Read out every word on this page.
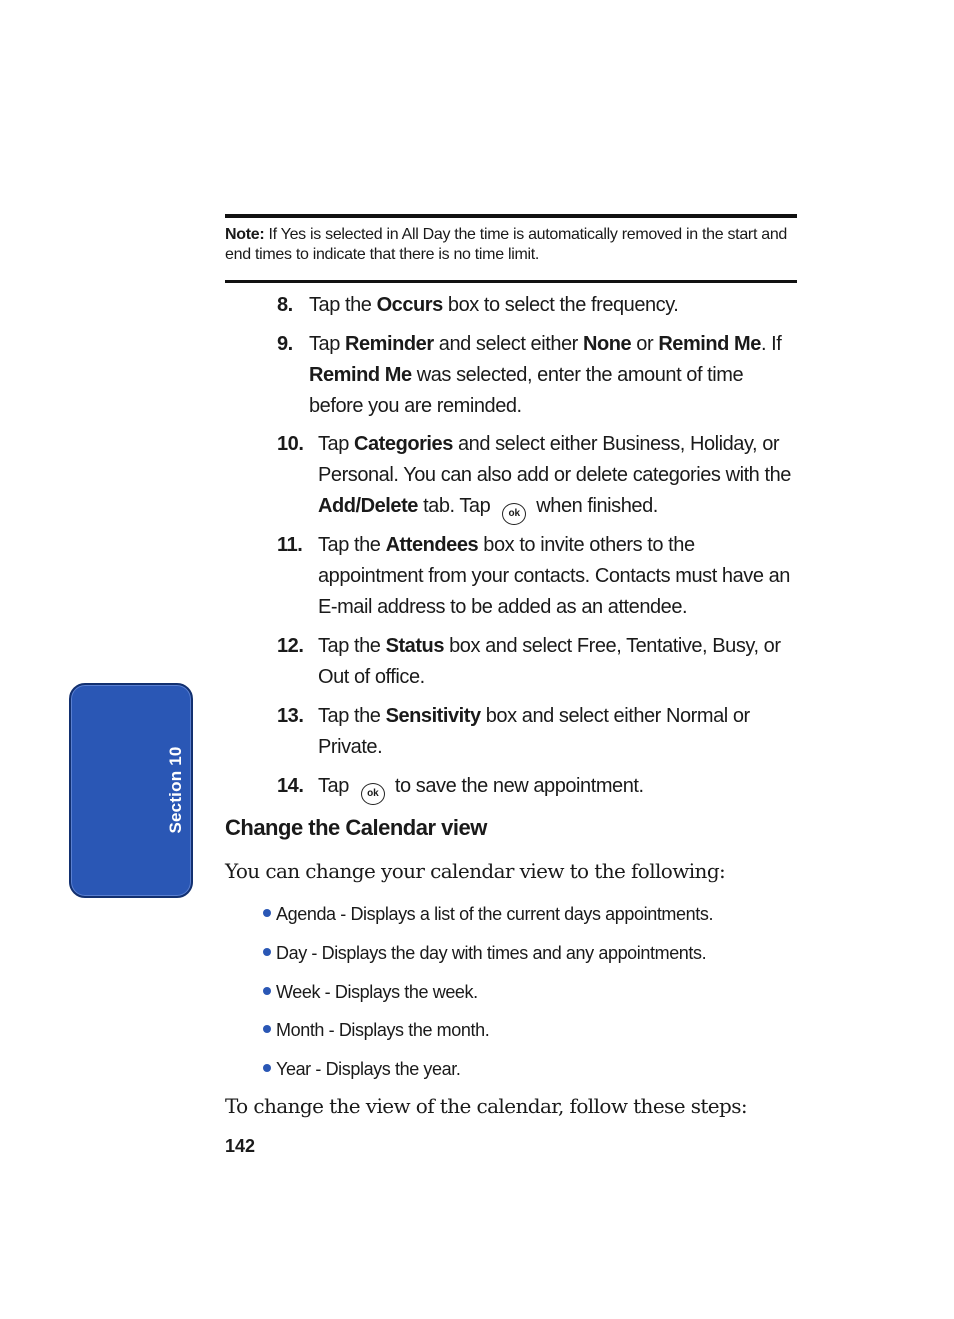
Note: If Yes is selected in All Day the time is automatically removed in the start and end times to indicate that there is no time limit.
8. Tap the Occurs box to select the frequency.
9. Tap Reminder and select either None or Remind Me. If Remind Me was selected, enter the amount of time before you are reminded.
10. Tap Categories and select either Business, Holiday, or Personal. You can also add or delete categories with the Add/Delete tab. Tap ok when finished.
11. Tap the Attendees box to invite others to the appointment from your contacts. Contacts must have an E-mail address to be added as an attendee.
12. Tap the Status box and select Free, Tentative, Busy, or Out of office.
13. Tap the Sensitivity box and select either Normal or Private.
14. Tap ok to save the new appointment.
Change the Calendar view
You can change your calendar view to the following:
Agenda - Displays a list of the current days appointments.
Day - Displays the day with times and any appointments.
Week - Displays the week.
Month - Displays the month.
Year - Displays the year.
To change the view of the calendar, follow these steps:
142
Section 10
